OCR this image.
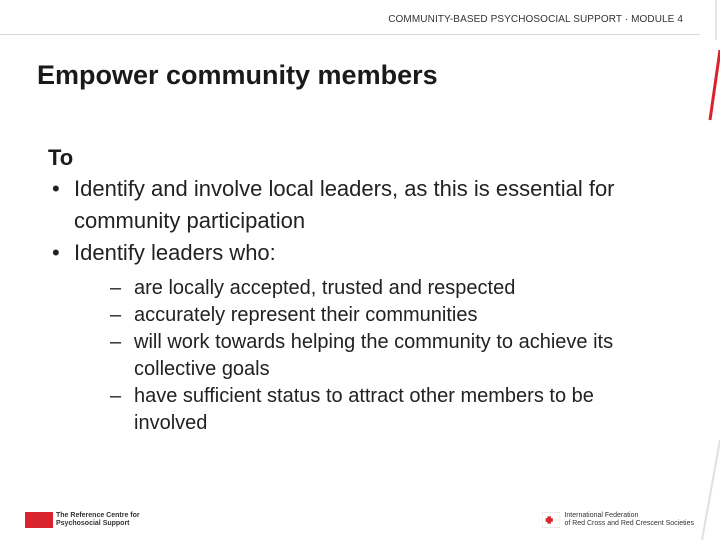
COMMUNITY-BASED PSYCHOSOCIAL SUPPORT · MODULE 4
Empower community members
To
• Identify and involve local leaders, as this is essential for community participation
• Identify leaders who:
– are locally accepted, trusted and respected
– accurately represent their communities
– will work towards helping the community to achieve its collective goals
– have sufficient status to attract other members to be involved
The Reference Centre for
Psychosocial Support
International Federation
of Red Cross and Red Crescent Societies
